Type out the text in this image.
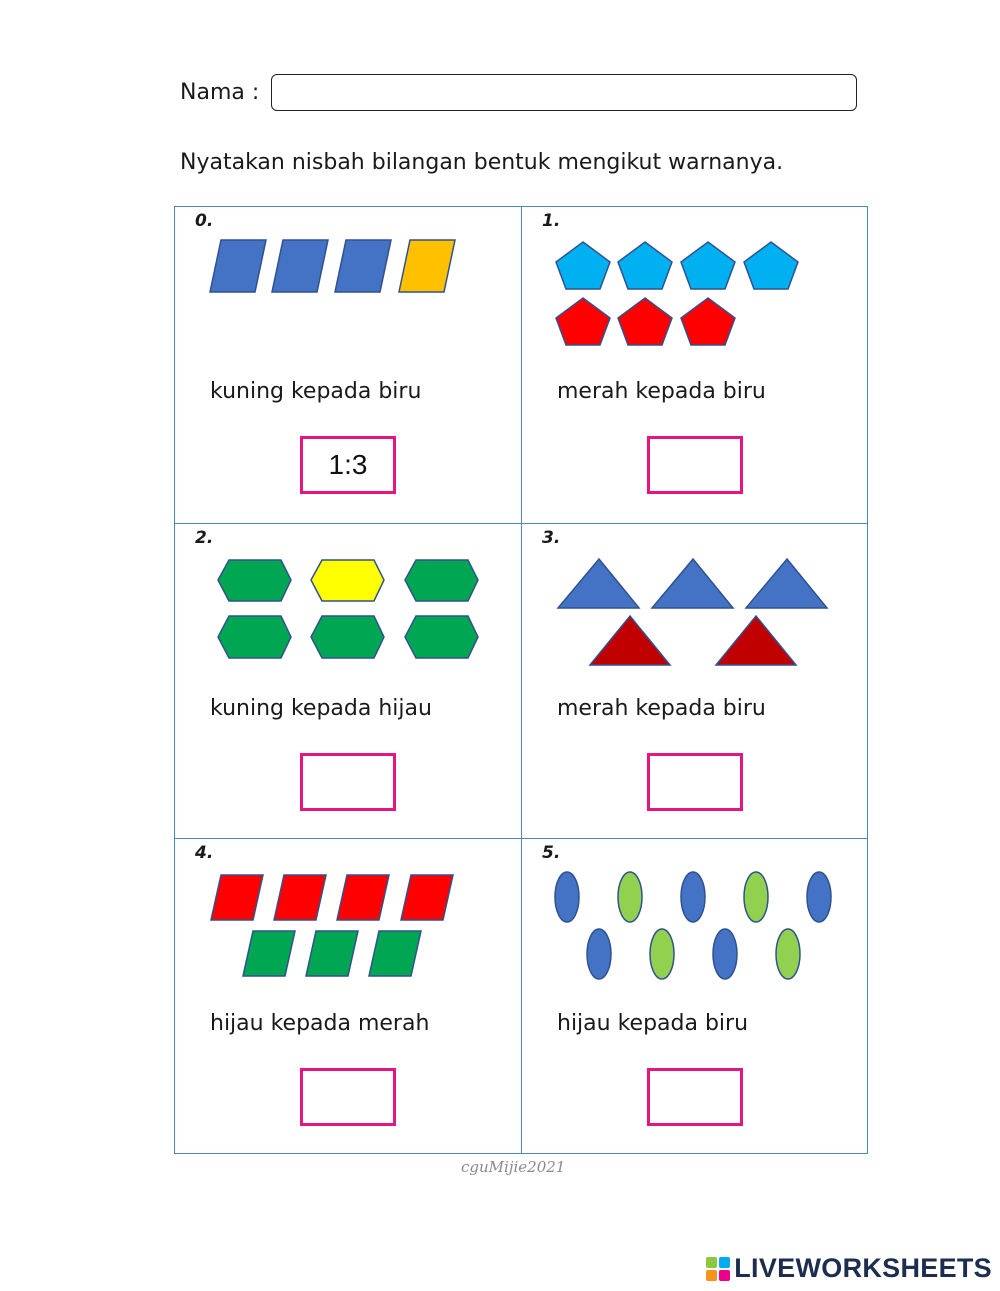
Nama :
Nyatakan nisbah bilangan bentuk mengikut warnanya.
0.
kuning kepada biru
1:3
1.
merah kepada biru
2.
kuning kepada hijau
3.
merah kepada biru
4.
hijau kepada merah
5.
hijau kepada biru
cguMijie2021
LIVEWORKSHEETS
